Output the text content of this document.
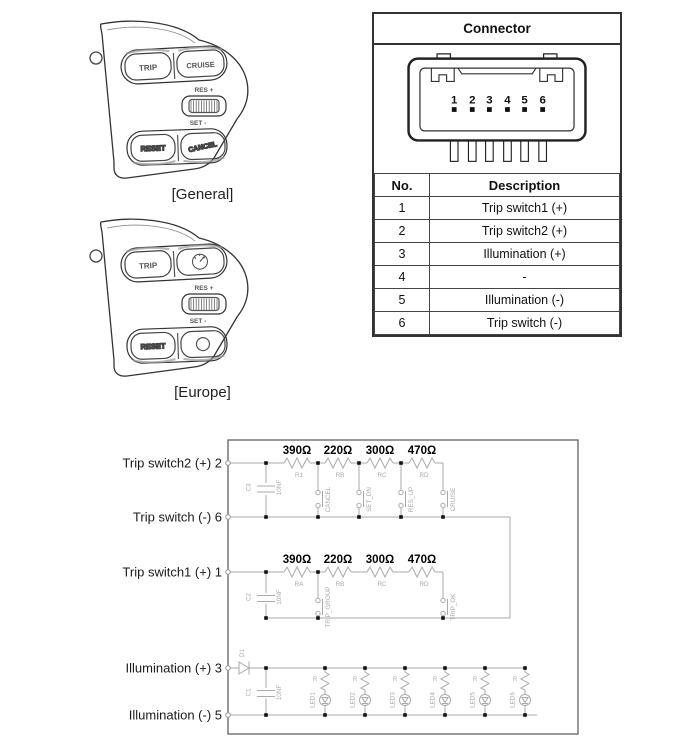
TRIP	CRUISE
RES +
SET -
RESET	CANCEL
[General]
TRIP
RES +
SET -
RESET
[Europe]
Connector
1 2 3 4 5 6
No.	Description
1	Trip switch1 (+)
2	Trip switch2 (+)
3	Illumination (+)
4	-
5	Illumination (-)
6	Trip switch (-)
Trip switch2 (+) 2
Trip switch (-) 6
Trip switch1 (+) 1
Illumination (+) 3
Illumination (-) 5
390Ω 220Ω 300Ω 470Ω
R1	RB	RC	RD
CANCEL	SET_DN	RES_UP	CRUISE
C3	10NF
390Ω 220Ω 300Ω 470Ω
RA	RB	RC	RD
TRIP_GROUP	TRIP_OK
C2	10NF
D1
C1	10NF
R	R	R	R	R	R
LED1	LED2	LED3	LED4	LED5	LED6
